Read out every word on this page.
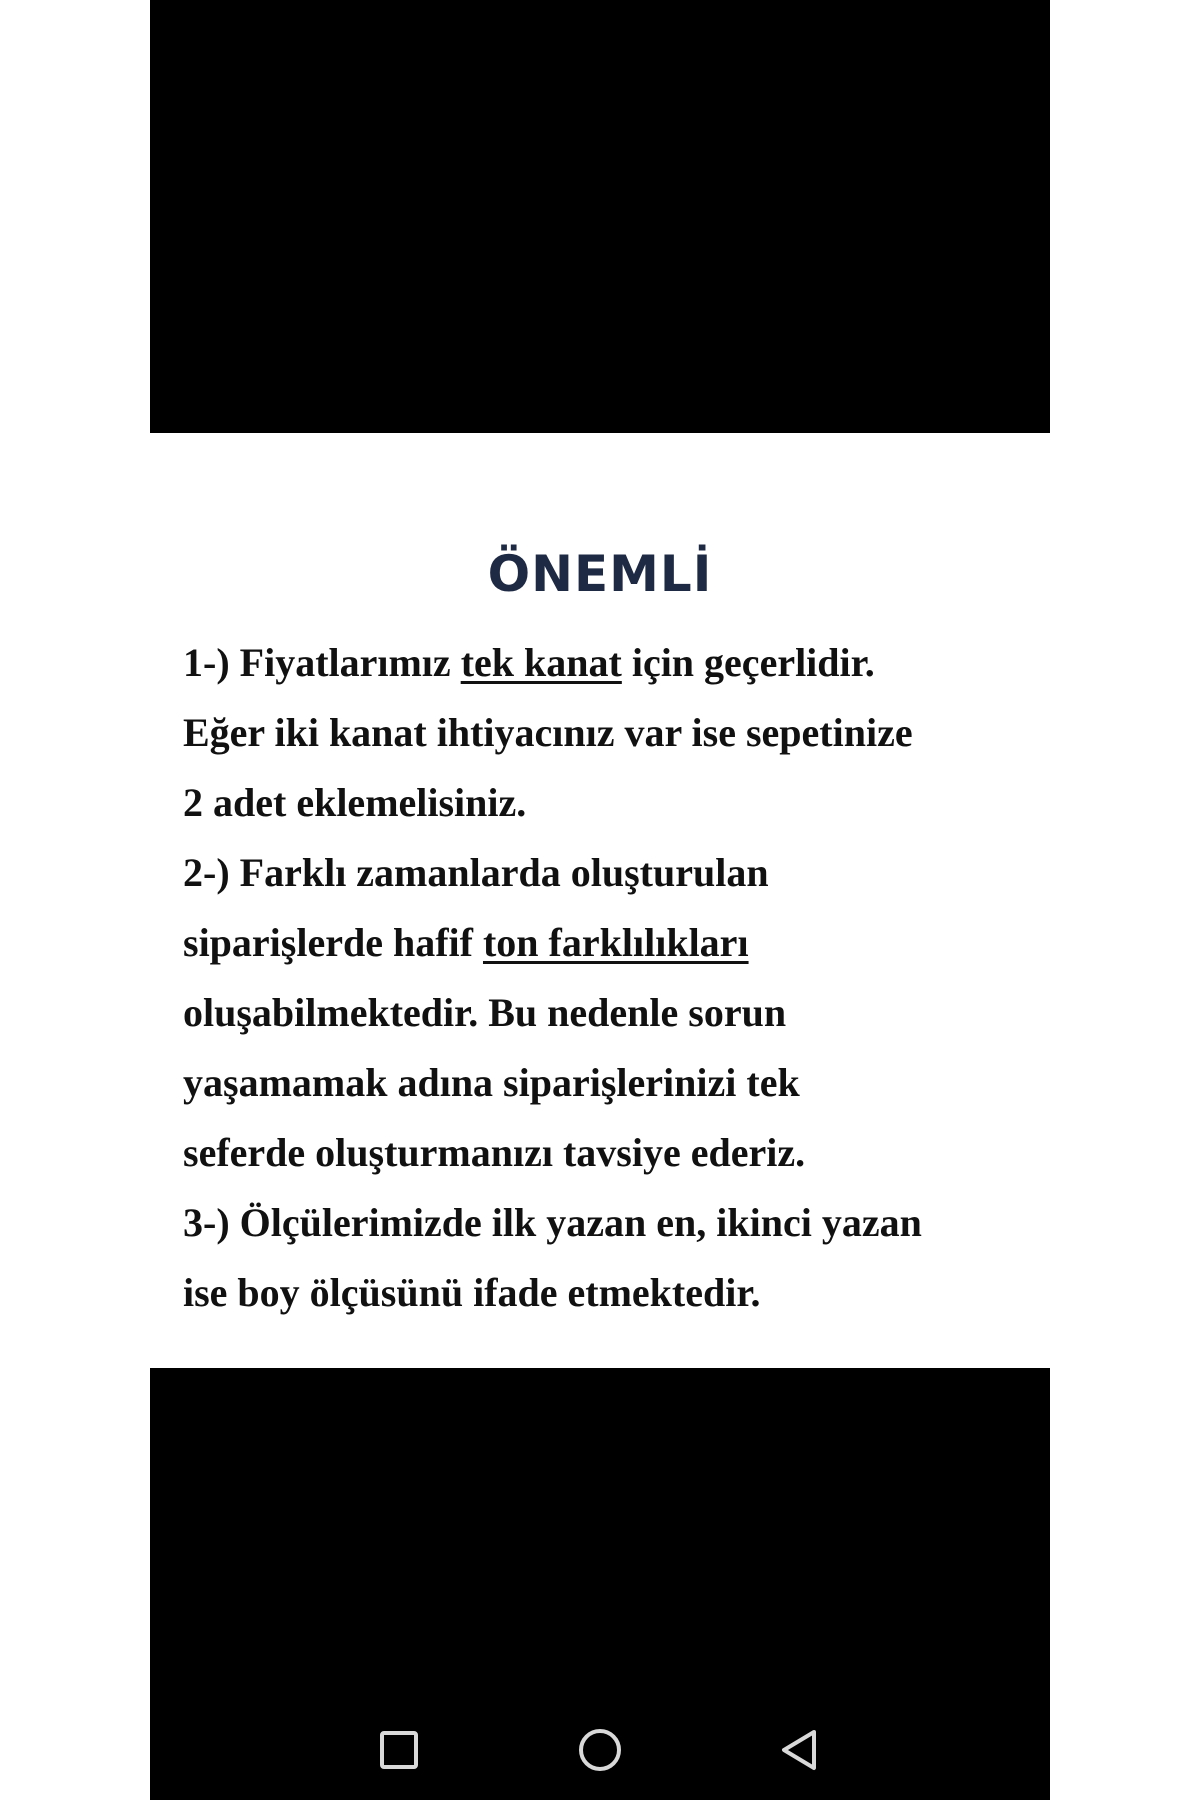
ÖNEMLİ
1-) Fiyatlarımız tek kanat için geçerlidir.
Eğer iki kanat ihtiyacınız var ise sepetinize
2 adet eklemelisiniz.
2-) Farklı zamanlarda oluşturulan
siparişlerde hafif ton farklılıkları
oluşabilmektedir. Bu nedenle sorun
yaşamamak adına siparişlerinizi tek
seferde oluşturmanızı tavsiye ederiz.
3-) Ölçülerimizde ilk yazan en, ikinci yazan
ise boy ölçüsünü ifade etmektedir.
